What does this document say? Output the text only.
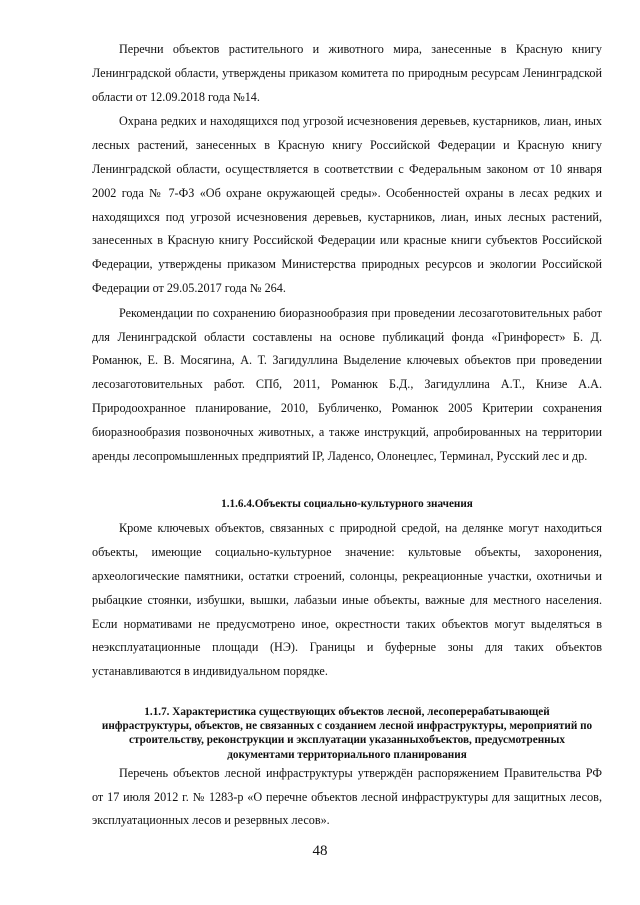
Перечни объектов растительного и животного мира, занесенные в Красную книгу Ленинградской области, утверждены приказом комитета по природным ресурсам Ленинградской области от 12.09.2018 года №14.

Охрана редких и находящихся под угрозой исчезновения деревьев, кустарников, лиан, иных лесных растений, занесенных в Красную книгу Российской Федерации и Красную книгу Ленинградской области, осуществляется в соответствии с Федеральным законом от 10 января 2002 года № 7-ФЗ «Об охране окружающей среды». Особенностей охраны в лесах редких и находящихся под угрозой исчезновения деревьев, кустарников, лиан, иных лесных растений, занесенных в Красную книгу Российской Федерации или красные книги субъектов Российской Федерации, утверждены приказом Министерства природных ресурсов и экологии Российской Федерации от 29.05.2017 года № 264.

Рекомендации по сохранению биоразнообразия при проведении лесозаготовительных работ для Ленинградской области составлены на основе публикаций фонда «Гринфорест» Б. Д. Романюк, Е. В. Мосягина, А. Т. Загидуллина Выделение ключевых объектов при проведении лесозаготовительных работ. СПб, 2011, Романюк Б.Д., Загидуллина А.Т., Книзе А.А. Природоохранное планирование, 2010, Бубличенко, Романюк 2005 Критерии сохранения биоразнообразия позвоночных животных, а также инструкций, апробированных на территории аренды лесопромышленных предприятий IP, Ладенсо, Олонецлес, Терминал, Русский лес и др.

1.1.6.4.Объекты социально-культурного значения

Кроме ключевых объектов, связанных с природной средой, на делянке могут находиться объекты, имеющие социально-культурное значение: культовые объекты, захоронения, археологические памятники, остатки строений, солонцы, рекреационные участки, охотничьи и рыбацкие стоянки, избушки, вышки, лабазыи иные объекты, важные для местного населения. Если нормативами не предусмотрено иное, окрестности таких объектов могут выделяться в неэксплуатационные площади (НЭ). Границы и буферные зоны для таких объектов устанавливаются в индивидуальном порядке.

1.1.7. Характеристика существующих объектов лесной, лесоперерабатывающей инфраструктуры, объектов, не связанных с созданием лесной инфраструктуры, мероприятий по строительству, реконструкции и эксплуатации указанныхобъектов, предусмотренных документами территориального планирования

Перечень объектов лесной инфраструктуры утверждён распоряжением Правительства РФ от 17 июля 2012 г. № 1283-р «О перечне объектов лесной инфраструктуры для защитных лесов, эксплуатационных лесов и резервных лесов».

48
